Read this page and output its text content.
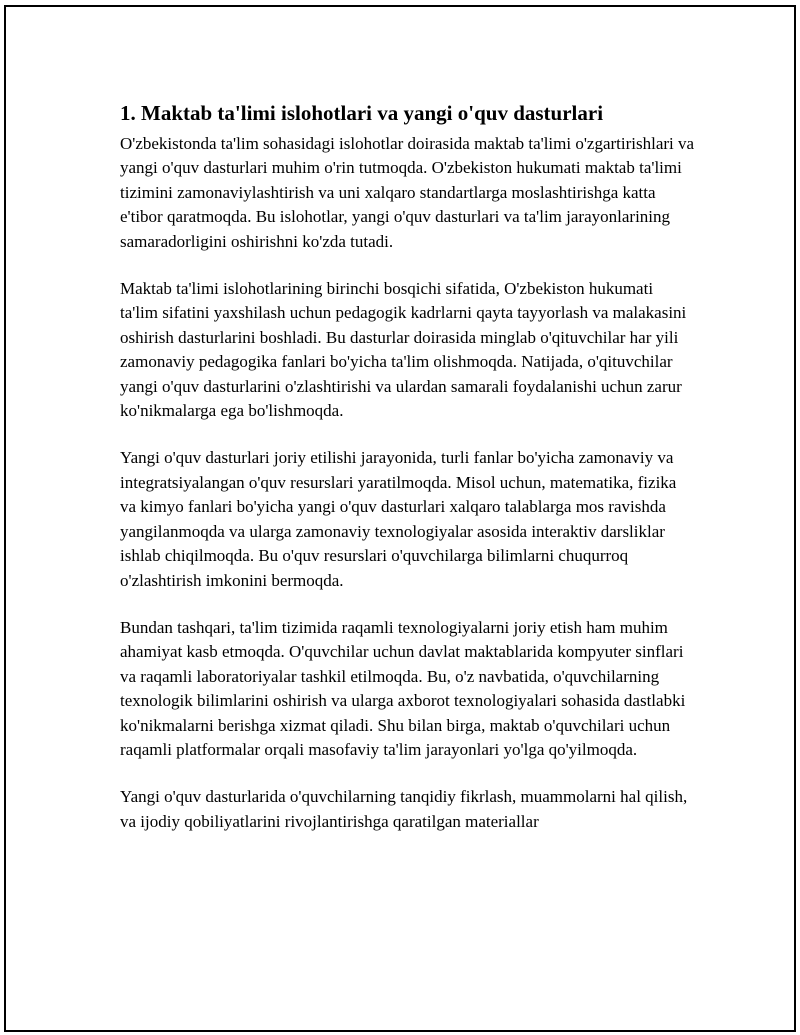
1. Maktab ta'limi islohotlari va yangi o'quv dasturlari

O'zbekistonda ta'lim sohasidagi islohotlar doirasida maktab ta'limi o'zgartirishlari va yangi o'quv dasturlari muhim o'rin tutmoqda. O'zbekiston hukumati maktab ta'limi tizimini zamonaviylashtirish va uni xalqaro standartlarga moslashtirishga katta e'tibor qaratmoqda. Bu islohotlar, yangi o'quv dasturlari va ta'lim jarayonlarining samaradorligini oshirishni ko'zda tutadi.

Maktab ta'limi islohotlarining birinchi bosqichi sifatida, O'zbekiston hukumati ta'lim sifatini yaxshilash uchun pedagogik kadrlarni qayta tayyorlash va malakasini oshirish dasturlarini boshladi. Bu dasturlar doirasida minglab o'qituvchilar har yili zamonaviy pedagogika fanlari bo'yicha ta'lim olishmoqda. Natijada, o'qituvchilar yangi o'quv dasturlarini o'zlashtirishi va ulardan samarali foydalanishi uchun zarur ko'nikmalarga ega bo'lishmoqda.

Yangi o'quv dasturlari joriy etilishi jarayonida, turli fanlar bo'yicha zamonaviy va integratsiyalangan o'quv resurslari yaratilmoqda. Misol uchun, matematika, fizika va kimyo fanlari bo'yicha yangi o'quv dasturlari xalqaro talablarga mos ravishda yangilanmoqda va ularga zamonaviy texnologiyalar asosida interaktiv darsliklar ishlab chiqilmoqda. Bu o'quv resurslari o'quvchilarga bilimlarni chuqurroq o'zlashtirish imkonini bermoqda.

Bundan tashqari, ta'lim tizimida raqamli texnologiyalarni joriy etish ham muhim ahamiyat kasb etmoqda. O'quvchilar uchun davlat maktablarida kompyuter sinflari va raqamli laboratoriyalar tashkil etilmoqda. Bu, o'z navbatida, o'quvchilarning texnologik bilimlarini oshirish va ularga axborot texnologiyalari sohasida dastlabki ko'nikmalarni berishga xizmat qiladi. Shu bilan birga, maktab o'quvchilari uchun raqamli platformalar orqali masofaviy ta'lim jarayonlari yo'lga qo'yilmoqda.

Yangi o'quv dasturlarida o'quvchilarning tanqidiy fikrlash, muammolarni hal qilish, va ijodiy qobiliyatlarini rivojlantirishga qaratilgan materiallar
